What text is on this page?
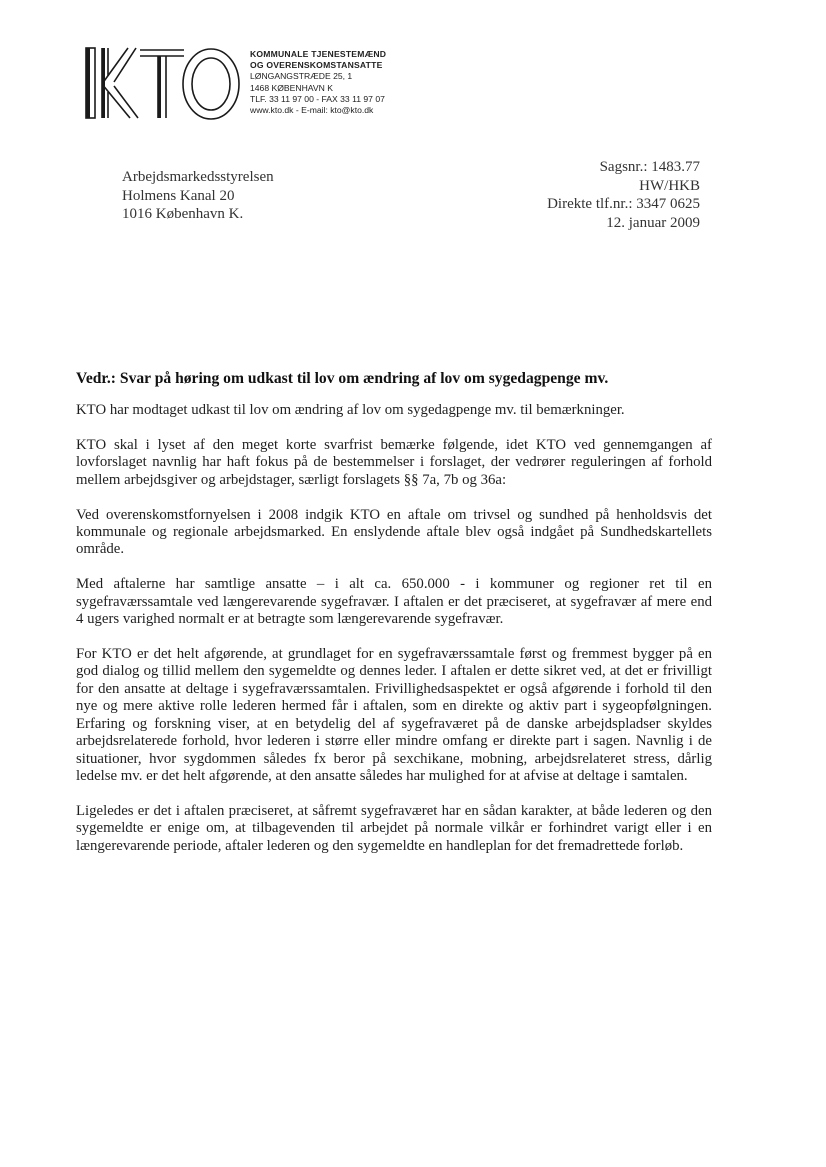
KOMMUNALE TJENESTEMÆND
OG OVERENSKOMSTANSATTE
LØNGANGSTRÆDE 25, 1
1468 KØBENHAVN K
TLF. 33 11 97 00 - FAX 33 11 97 07
www.kto.dk - E-mail: kto@kto.dk
Arbejdsmarkedsstyrelsen
Holmens Kanal 20
1016 København K.
Sagsnr.: 1483.77
HW/HKB
Direkte tlf.nr.: 3347 0625
12. januar 2009
Vedr.: Svar på høring om udkast til lov om ændring af lov om sygedagpenge mv.

KTO har modtaget udkast til lov om ændring af lov om sygedagpenge mv. til bemærkninger.

KTO skal i lyset af den meget korte svarfrist bemærke følgende, idet KTO ved gennemgangen af lovforslaget navnlig har haft fokus på de bestemmelser i forslaget, der vedrører reguleringen af forhold mellem arbejdsgiver og arbejdstager, særligt forslagets §§ 7a, 7b og 36a:

Ved overenskomstfornyelsen i 2008 indgik KTO en aftale om trivsel og sundhed på henholdsvis det kommunale og regionale arbejdsmarked. En enslydende aftale blev også indgået på Sundhedskartellets område.

Med aftalerne har samtlige ansatte – i alt ca. 650.000 - i kommuner og regioner ret til en sygefraværssamtale ved længerevarende sygefravær. I aftalen er det præciseret, at sygefravær af mere end 4 ugers varighed normalt er at betragte som længerevarende sygefravær.

For KTO er det helt afgørende, at grundlaget for en sygefraværssamtale først og fremmest bygger på en god dialog og tillid mellem den sygemeldte og dennes leder. I aftalen er dette sikret ved, at det er frivilligt for den ansatte at deltage i sygefraværssamtalen. Frivillighedsaspektet er også afgørende i forhold til den nye og mere aktive rolle lederen hermed får i aftalen, som en direkte og aktiv part i sygeopfølgningen. Erfaring og forskning viser, at en betydelig del af sygefraværet på de danske arbejdspladser skyldes arbejdsrelaterede forhold, hvor lederen i større eller mindre omfang er direkte part i sagen. Navnlig i de situationer, hvor sygdommen således fx beror på sexchikane, mobning, arbejdsrelateret stress, dårlig ledelse mv. er det helt afgørende, at den ansatte således har mulighed for at afvise at deltage i samtalen.

Ligeledes er det i aftalen præciseret, at såfremt sygefraværet har en sådan karakter, at både lederen og den sygemeldte er enige om, at tilbagevenden til arbejdet på normale vilkår er forhindret varigt eller i en længerevarende periode, aftaler lederen og den sygemeldte en handleplan for det fremadrettede forløb.
